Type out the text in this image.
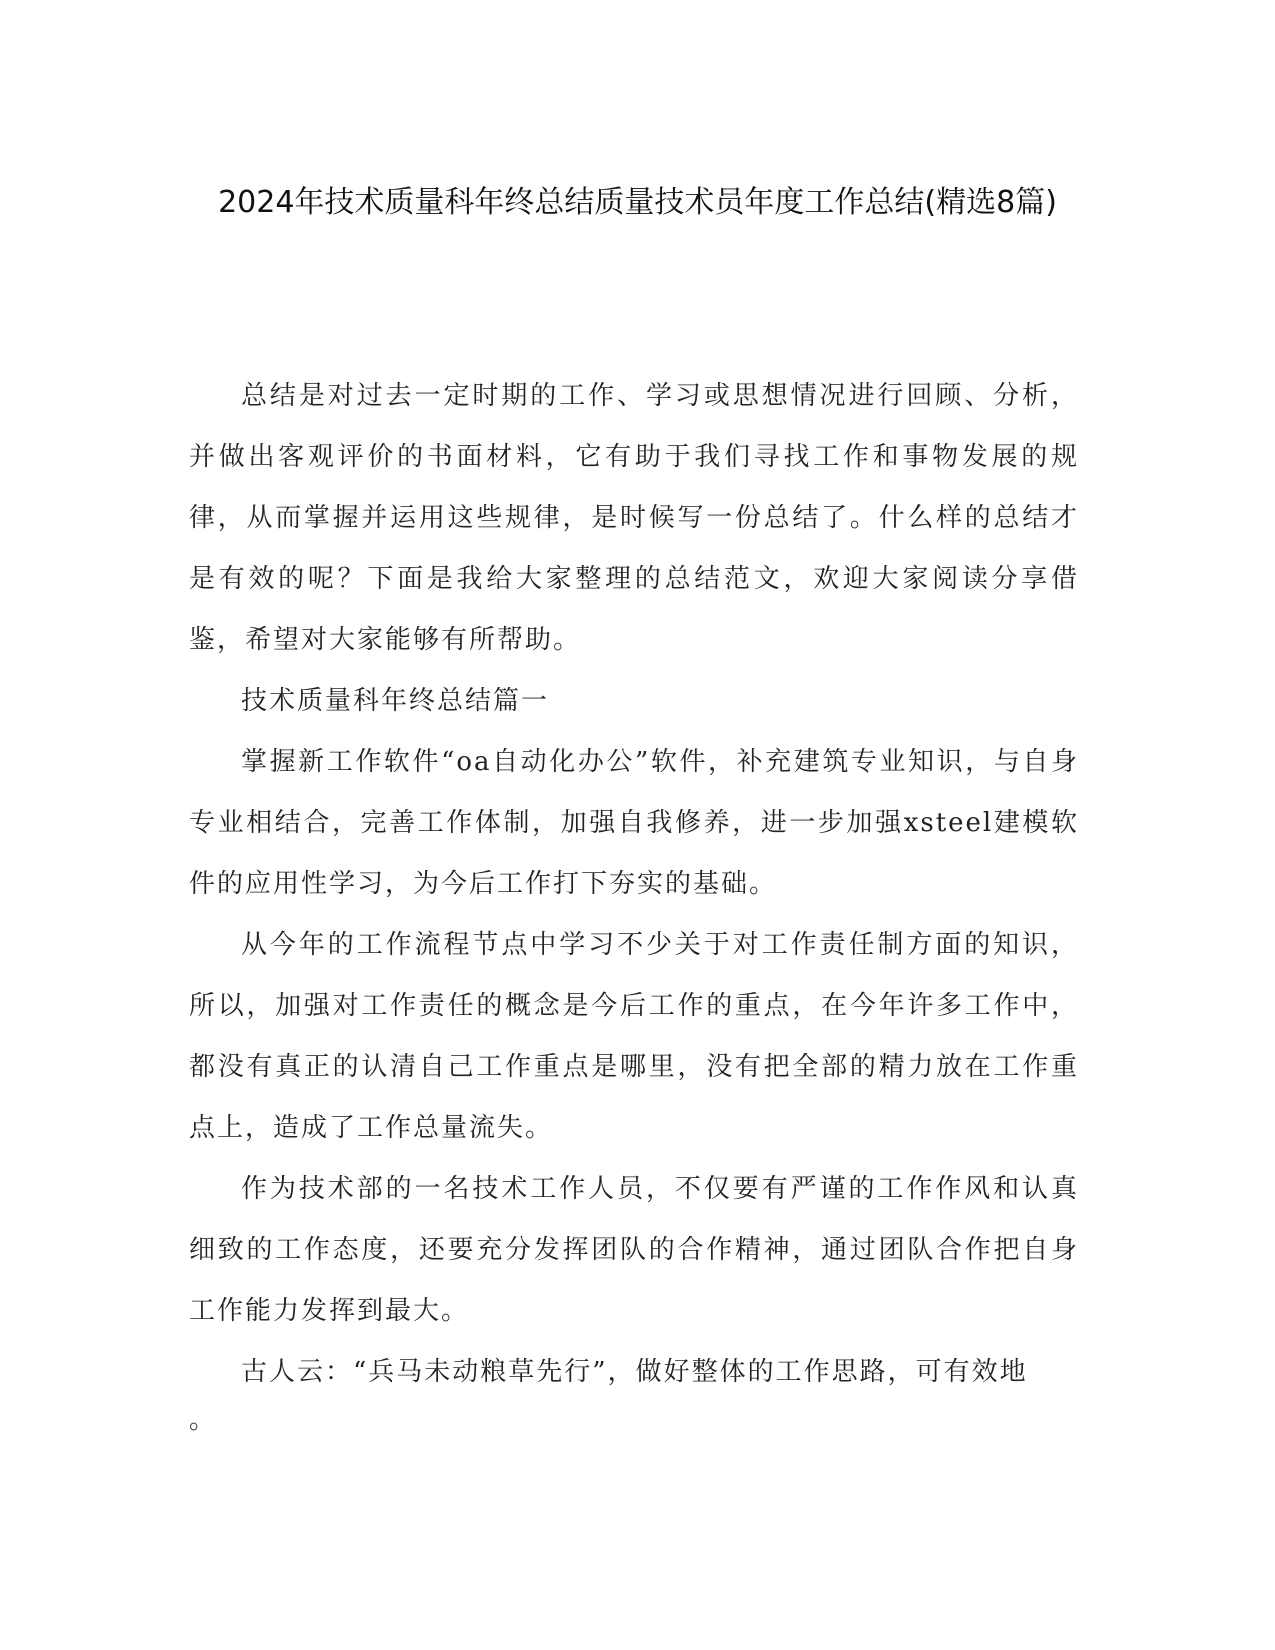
2024年技术质量科年终总结质量技术员年度工作总结(精选8篇)

总结是对过去一定时期的工作、学习或思想情况进行回顾、分析，并做出客观评价的书面材料，它有助于我们寻找工作和事物发展的规律，从而掌握并运用这些规律，是时候写一份总结了。什么样的总结才是有效的呢？下面是我给大家整理的总结范文，欢迎大家阅读分享借鉴，希望对大家能够有所帮助。

技术质量科年终总结篇一

掌握新工作软件“oa自动化办公”软件，补充建筑专业知识，与自身专业相结合，完善工作体制，加强自我修养，进一步加强xsteel建模软件的应用性学习，为今后工作打下夯实的基础。

从今年的工作流程节点中学习不少关于对工作责任制方面的知识，所以，加强对工作责任的概念是今后工作的重点，在今年许多工作中，都没有真正的认清自己工作重点是哪里，没有把全部的精力放在工作重点上，造成了工作总量流失。

作为技术部的一名技术工作人员，不仅要有严谨的工作作风和认真细致的工作态度，还要充分发挥团队的合作精神，通过团队合作把自身工作能力发挥到最大。

古人云：“兵马未动粮草先行”，做好整体的工作思路，可有效地

。
